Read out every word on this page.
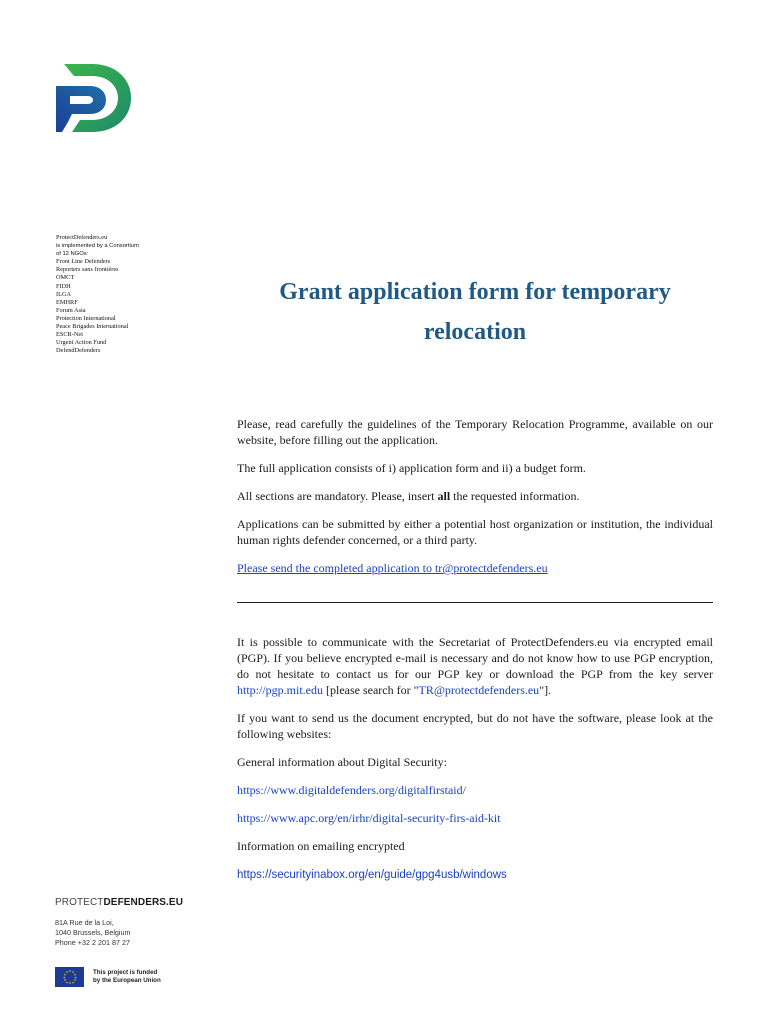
ProtectDefenders.eu
is implemented by a Consortium
of 12 NGOs:
Front Line Defenders
Reporters sans frontières
OMCT
FIDH
ILGA
EMHRF
Forum Asia
Protection International
Peace Brigades International
ESCR-Net
Urgent Action Fund
DefendDefenders
Grant application form for temporary
relocation

Please, read carefully the guidelines of the Temporary Relocation Programme, available on our website, before filling out the application.

The full application consists of i) application form and ii) a budget form.

All sections are mandatory. Please, insert all the requested information.

Applications can be submitted by either a potential host organization or institution, the individual human rights defender concerned, or a third party.

Please send the completed application to tr@protectdefenders.eu

It is possible to communicate with the Secretariat of ProtectDefenders.eu via encrypted email (PGP). If you believe encrypted e-mail is necessary and do not know how to use PGP encryption, do not hesitate to contact us for our PGP key or download the PGP from the key server http://pgp.mit.edu [please search for "TR@protectdefenders.eu"].

If you want to send us the document encrypted, but do not have the software, please look at the following websites:

General information about Digital Security:

https://www.digitaldefenders.org/digitalfirstaid/

https://www.apc.org/en/irhr/digital-security-firs-aid-kit

Information on emailing encrypted

https://securityinabox.org/en/guide/gpg4usb/windows

PROTECTDEFENDERS.EU
81A Rue de la Loi,
1040 Brussels, Belgium
Phone +32 2 201 87 27
★ ★
★
★
★
★
★
★
★
★
★
★	This project is funded
by the European Union
